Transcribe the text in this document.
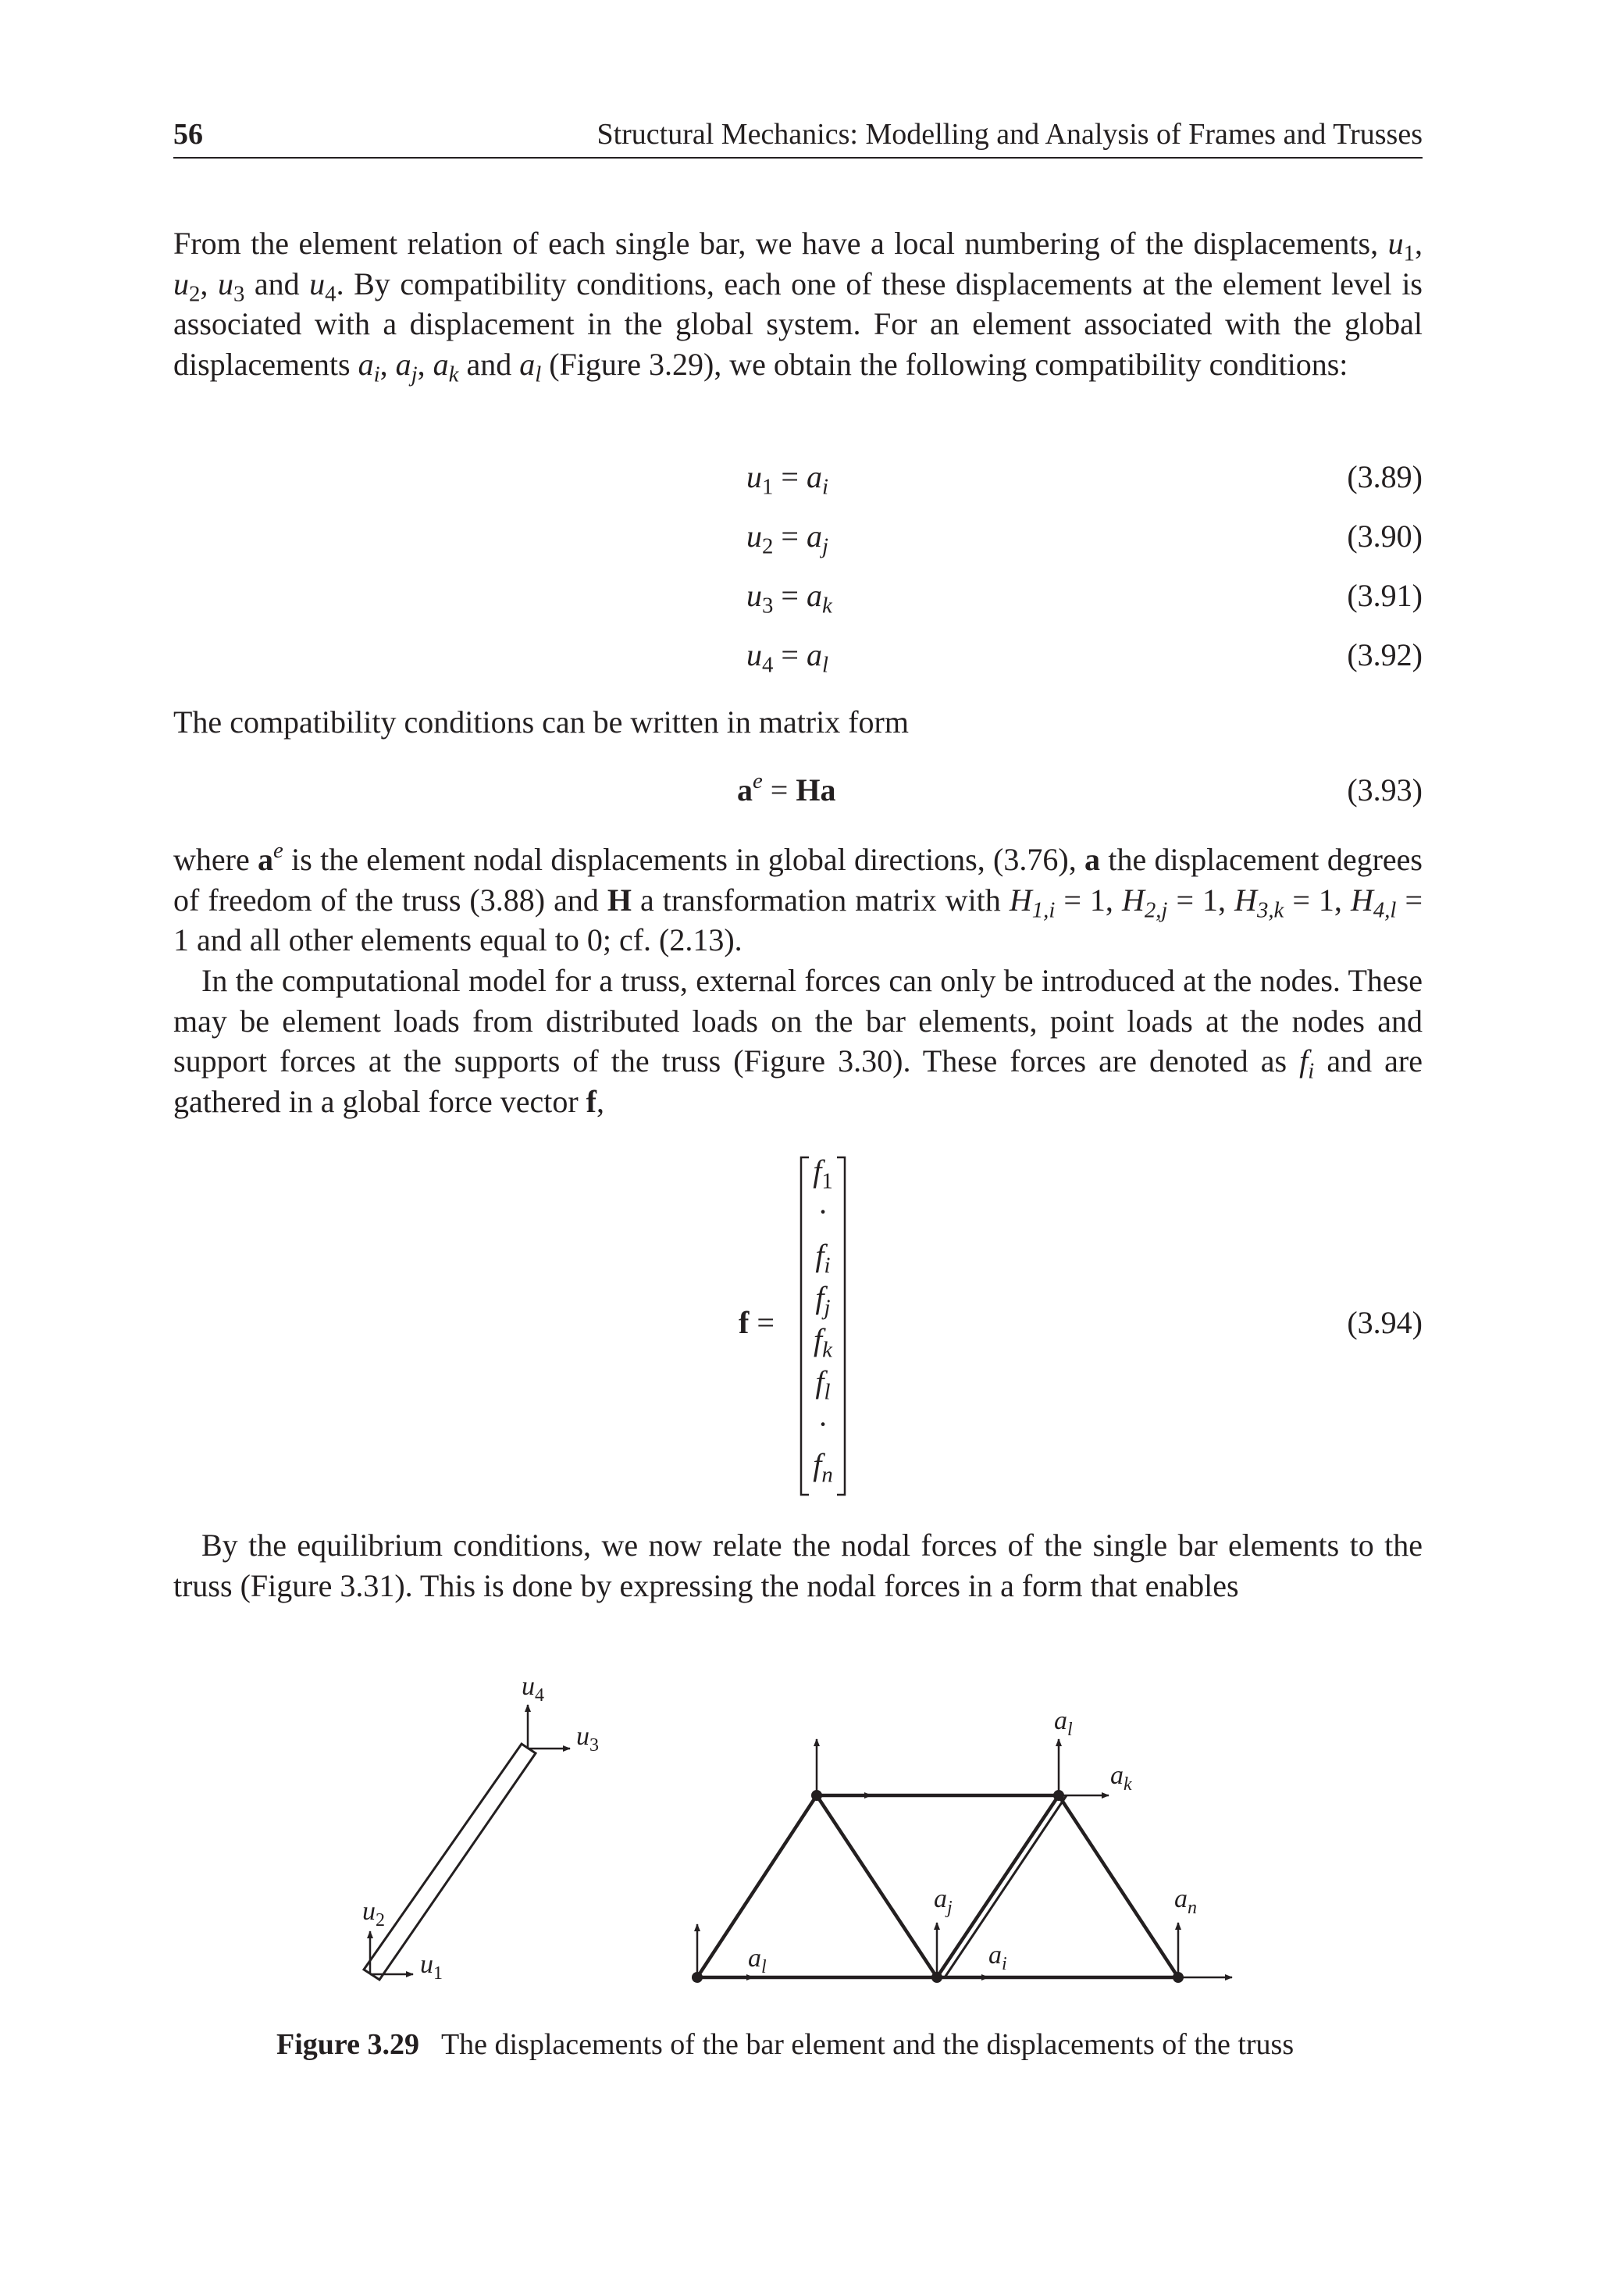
56	Structural Mechanics: Modelling and Analysis of Frames and Trusses
From the element relation of each single bar, we have a local numbering of the displacements, $u_1$, $u_2$, $u_3$ and $u_4$. By compatibility conditions, each one of these displacements at the element level is associated with a displacement in the global system. For an element associated with the global displacements $a_i$, $a_j$, $a_k$ and $a_l$ (Figure 3.29), we obtain the following compatibility conditions:
$u_1 = a_i$	(3.89)
$u_2 = a_j$	(3.90)
$u_3 = a_k$	(3.91)
$u_4 = a_l$	(3.92)
The compatibility conditions can be written in matrix form
$a^e = Ha$	(3.93)
where $a^e$ is the element nodal displacements in global directions, (3.76), a the displacement degrees of freedom of the truss (3.88) and H a transformation matrix with $H_{1,i} = 1$, $H_{2,j} = 1$, $H_{3,k} = 1$, $H_{4,l} = 1$ and all other elements equal to 0; cf. (2.13).
In the computational model for a truss, external forces can only be introduced at the nodes. These may be element loads from distributed loads on the bar elements, point loads at the nodes and support forces at the supports of the truss (Figure 3.30). These forces are denoted as $f_i$ and are gathered in a global force vector f,
f =
$f_1$
·
$f_i$
$f_j$
$f_k$
$f_l$
·
$f_n$
(3.94)
By the equilibrium conditions, we now relate the nodal forces of the single bar elements to the truss (Figure 3.31). This is done by expressing the nodal forces in a form that enables
$u_4$
$u_3$
$u_2$
$u_1$
$a_l$
$a_j$
$a_i$
$a_l$
$a_k$
$a_n$
Figure 3.29 The displacements of the bar element and the displacements of the truss
